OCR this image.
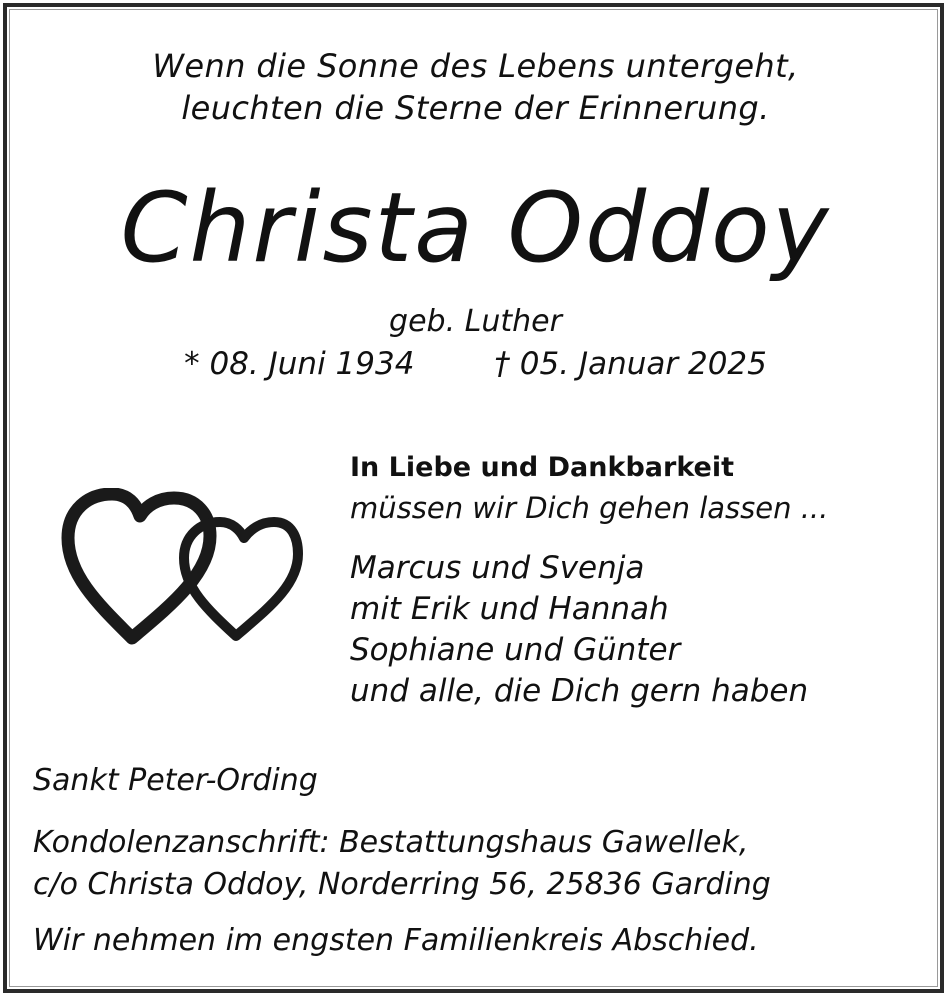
Wenn die Sonne des Lebens untergeht,
leuchten die Sterne der Erinnerung.
Christa Oddoy
geb. Luther
* 08. Juni 1934	† 05. Januar 2025
In Liebe und Dankbarkeit
müssen wir Dich gehen lassen ...
Marcus und Svenja
mit Erik und Hannah
Sophiane und Günter
und alle, die Dich gern haben
Sankt Peter-Ording
Kondolenzanschrift: Bestattungshaus Gawellek,
c/o Christa Oddoy, Norderring 56, 25836 Garding
Wir nehmen im engsten Familienkreis Abschied.
